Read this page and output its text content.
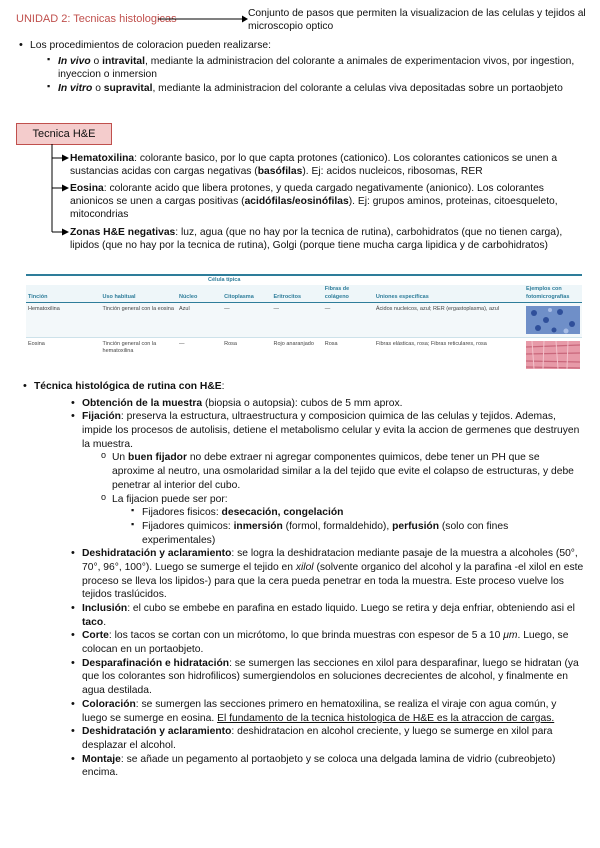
UNIDAD 2: Tecnicas histologicas	Conjunto de pasos que permiten la visualizacion de las celulas y tejidos al microscopio optico
• Los procedimientos de coloracion pueden realizarse:
▪ In vivo o intravital, mediante la administracion del colorante a animales de experimentacion vivos, por ingestion, inyeccion o inmersion
▪ In vitro o supravital, mediante la administracion del colorante a celulas viva depositadas sobre un portaobjeto
Tecnica H&E
Hematoxilina: colorante basico, por lo que capta protones (cationico). Los colorantes cationicos se unen a sustancias acidas con cargas negativas (basófilas). Ej: acidos nucleicos, ribosomas, RER
Eosina: colorante acido que libera protones, y queda cargado negativamente (anionico). Los colorantes anionicos se unen a cargas positivas (acidófilas/eosinófilas). Ej: grupos aminos, proteinas, citoesqueleto, mitocondrias
Zonas H&E negativas: luz, agua (que no hay por la tecnica de rutina), carbohidratos (que no tienen carga), lipidos (que no hay por la tecnica de rutina), Golgi (porque tiene mucha carga lipidica y de carbohidratos)
		Célula típica					
Tinción	Uso habitual	Núcleo	Citoplasma	Eritrocitos	Fibras de colágeno	Uniones específicas	Ejemplos con fotomicrografías
Hematoxilina	Tinción general con la eosina	Azul	—	—	—	Ácidos nucleicos, azul; RER (ergastoplasma), azul	

Eosina	Tinción general con la hematoxilina	—	Rosa	Rojo anaranjado	Rosa	Fibras elásticas, rosa; Fibras reticulares, rosa	
• Técnica histológica de rutina con H&E:
• Obtención de la muestra (biopsia o autopsia): cubos de 5 mm aprox.
• Fijación: preserva la estructura, ultraestructura y composicion quimica de las celulas y tejidos. Ademas, impide los procesos de autolisis, detiene el metabolismo celular y evita la accion de germenes que destruyen la muestra.
o Un buen fijador no debe extraer ni agregar componentes quimicos, debe tener un PH que se aproxime al neutro, una osmolaridad similar a la del tejido que evite el colapso de estructuras, y debe penetrar al interior del cubo.
o La fijacion puede ser por:
▪ Fijadores fisicos: desecación, congelación
▪ Fijadores quimicos: inmersión (formol, formaldehido), perfusión (solo con fines experimentales)
• Deshidratación y aclaramiento: se logra la deshidratacion mediante pasaje de la muestra a alcoholes (50°, 70°, 96°, 100°). Luego se sumerge el tejido en xilol (solvente organico del alcohol y la parafina -el xilol en este proceso se lleva los lipidos-) para que la cera pueda penetrar en toda la muestra. Este proceso vuelve los tejidos traslúcidos.
• Inclusión: el cubo se embebe en parafina en estado liquido. Luego se retira y deja enfriar, obteniendo asi el taco.
• Corte: los tacos se cortan con un micrótomo, lo que brinda muestras con espesor de 5 a 10 μm. Luego, se colocan en un portaobjeto.
• Desparafinación e hidratación: se sumergen las secciones en xilol para desparafinar, luego se hidratan (ya que los colorantes son hidrofilicos) sumergiendolos en soluciones decrecientes de alcohol, y finalmente en agua destilada.
• Coloración: se sumergen las secciones primero en hematoxilina, se realiza el viraje con agua común, y luego se sumerge en eosina. El fundamento de la tecnica histologica de H&E es la atraccion de cargas.
• Deshidratación y aclaramiento: deshidratacion en alcohol creciente, y luego se sumerge en xilol para desplazar el alcohol.
• Montaje: se añade un pegamento al portaobjeto y se coloca una delgada lamina de vidrio (cubreobjeto) encima.
